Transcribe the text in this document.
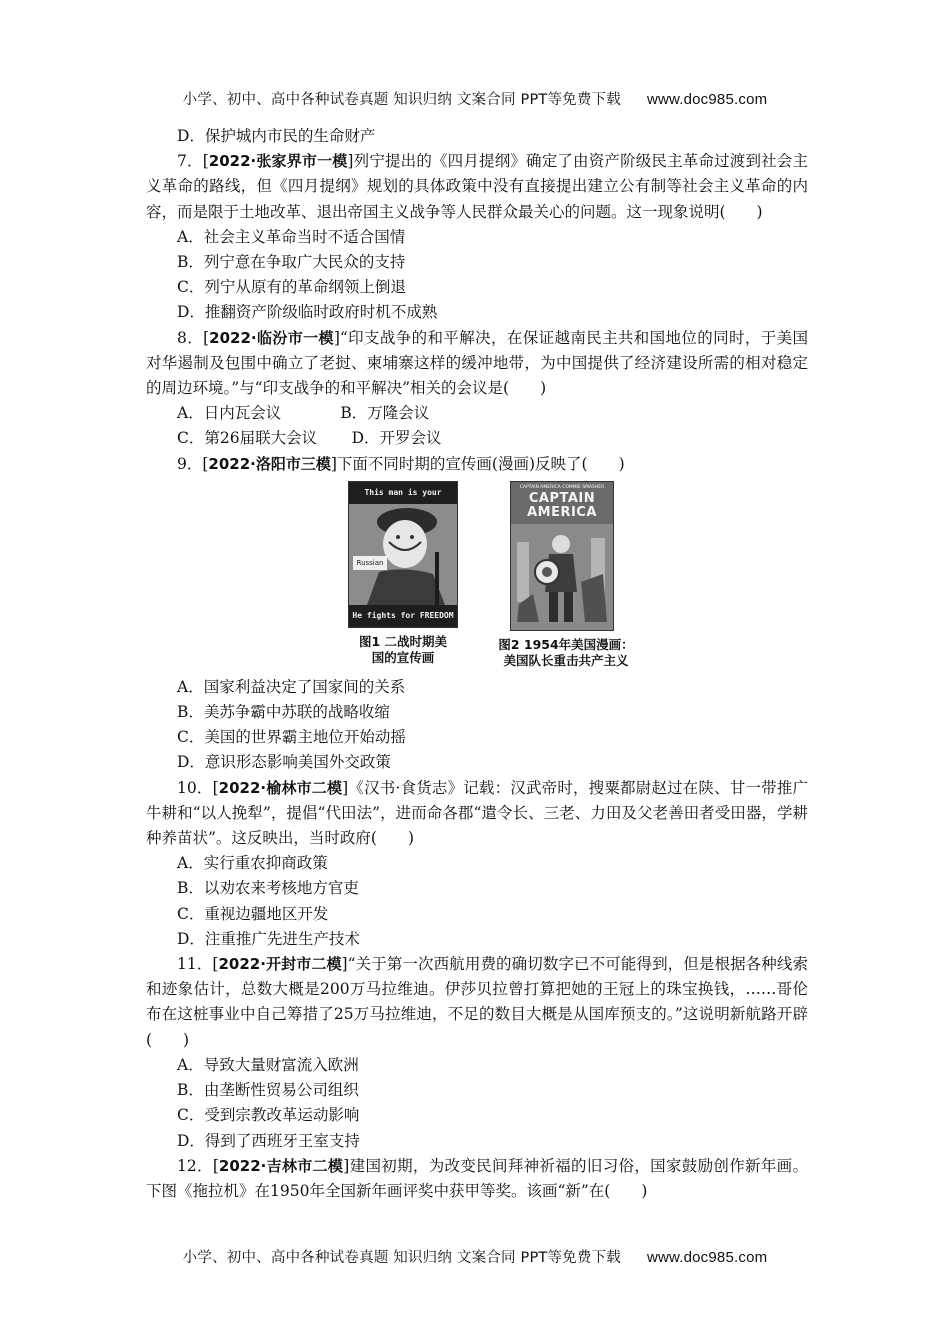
小学、初中、高中各种试卷真题 知识归纳 文案合同 PPT等免费下载 www.doc985.com

D．保护城内市民的生命财产

7．[2022·张家界市一模]列宁提出的《四月提纲》确定了由资产阶级民主革命过渡到社会主义革命的路线，但《四月提纲》规划的具体政策中没有直接提出建立公有制等社会主义革命的内容，而是限于土地改革、退出帝国主义战争等人民群众最关心的问题。这一现象说明(　　)

A．社会主义革命当时不适合国情

B．列宁意在争取广大民众的支持

C．列宁从原有的革命纲领上倒退

D．推翻资产阶级临时政府时机不成熟

8．[2022·临汾市一模]“印支战争的和平解决，在保证越南民主共和国地位的同时，于美国对华遏制及包围中确立了老挝、柬埔寨这样的缓冲地带，为中国提供了经济建设所需的相对稳定的周边环境。”与“印支战争的和平解决”相关的会议是(　　)

A．日内瓦会议            B．万隆会议

C．第26届联大会议       D．开罗会议

9．[2022·洛阳市三模]下面不同时期的宣传画(漫画)反映了(　　)

This man is your
Russian
He fights for FREEDOM
图1 二战时期美
国的宣传画
CAPTAIN AMERICA COMMIE SMASHER
CAPTAIN
AMERICA
图2 1954年美国漫画：
美国队长重击共产主义

A．国家利益决定了国家间的关系

B．美苏争霸中苏联的战略收缩

C．美国的世界霸主地位开始动摇

D．意识形态影响美国外交政策

10．[2022·榆林市二模]《汉书·食货志》记载：汉武帝时，搜粟都尉赵过在陕、甘一带推广牛耕和“以人挽犁”，提倡“代田法”，进而命各郡“遣令长、三老、力田及父老善田者受田器，学耕种养苗状”。这反映出，当时政府(　　)

A．实行重农抑商政策

B．以劝农来考核地方官吏

C．重视边疆地区开发

D．注重推广先进生产技术

11．[2022·开封市二模]“关于第一次西航用费的确切数字已不可能得到，但是根据各种线索和迹象估计，总数大概是200万马拉维迪。伊莎贝拉曾打算把她的王冠上的珠宝换钱，……哥伦布在这桩事业中自己筹措了25万马拉维迪，不足的数目大概是从国库预支的。”这说明新航路开辟(　　)

A．导致大量财富流入欧洲

B．由垄断性贸易公司组织

C．受到宗教改革运动影响

D．得到了西班牙王室支持

12．[2022·吉林市二模]建国初期，为改变民间拜神祈福的旧习俗，国家鼓励创作新年画。下图《拖拉机》在1950年全国新年画评奖中获甲等奖。该画“新”在(　　)

小学、初中、高中各种试卷真题 知识归纳 文案合同 PPT等免费下载 www.doc985.com
